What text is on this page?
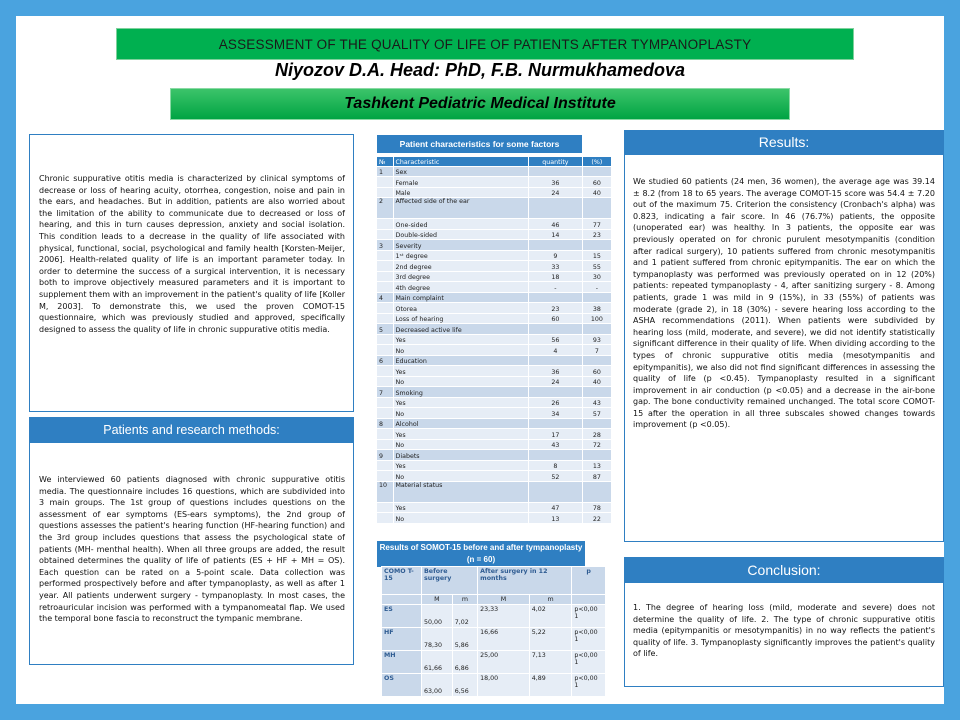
ASSESSMENT OF THE QUALITY OF LIFE OF PATIENTS AFTER TYMPANOPLASTY
Niyozov D.A. Head: PhD, F.B. Nurmukhamedova
Tashkent Pediatric Medical Institute
Chronic suppurative otitis media is characterized by clinical symptoms of decrease or loss of hearing acuity, otorrhea, congestion, noise and pain in the ears, and headaches. But in addition, patients are also worried about the limitation of the ability to communicate due to decreased or loss of hearing, and this in turn causes depression, anxiety and social isolation. This condition leads to a decrease in the quality of life associated with physical, functional, social, psychological and family health [Korsten-Meijer, 2006]. Health-related quality of life is an important parameter today. In order to determine the success of a surgical intervention, it is necessary both to improve objectively measured parameters and it is important to supplement them with an improvement in the patient's quality of life [Koller M, 2003]. To demonstrate this, we used the proven COMOT-15 questionnaire, which was previously studied and approved, specifically designed to assess the quality of life in chronic suppurative otitis media.
Patients and research methods:
We interviewed 60 patients diagnosed with chronic suppurative otitis media. The questionnaire includes 16 questions, which are subdivided into 3 main groups. The 1st group of questions includes questions on the assessment of ear symptoms (ES-ears symptoms), the 2nd group of questions assesses the patient's hearing function (HF-hearing function) and the 3rd group includes questions that assess the psychological state of patients (MH- menthal health). When all three groups are added, the result obtained determines the quality of life of patients (ES + HF + MH = OS). Each question can be rated on a 5-point scale. Data collection was performed prospectively before and after tympanoplasty, as well as after 1 year. All patients underwent surgery - tympanoplasty. In most cases, the retroauricular incision was performed with a tympanomeatal flap. We used the temporal bone fascia to reconstruct the tympanic membrane.
Patient characteristics for some factors
№	Characteristic	quantity	(%)
1	Sex		
	Female	36	60
	Male	24	40
2	Affected side of the ear		
	One-sided	46	77
	Double-sided	14	23
3	Severity		
	1ˢᵗ degree	9	15
	2nd degree	33	55
	3rd degree	18	30
	4th degree	-	-
4	Main complaint		
	Otorea	23	38
	Loss of hearing	60	100
5	Decreased active life		
	Yes	56	93
	No	4	7
6	Education		
	Yes	36	60
	No	24	40
7	Smoking		
	Yes	26	43
	No	34	57
8	Alcohol		
	Yes	17	28
	No	43	72
9	Diabets		
	Yes	8	13
	No	52	87
10	Material status		
	Yes	47	78
	No	13	22
Results of SOMOT-15 before and after tympanoplasty (n = 60)
COMO T-15	Before surgery		After surgery in 12 months		p
	M	m	M	m	
ES	50,00	7,02	23,33	4,02	p<0,00 1
HF	78,30	5,86	16,66	5,22	p<0,00 1
MH	61,66	6,86	25,00	7,13	p<0,00 1
OS	63,00	6,56	18,00	4,89	p<0,00 1
Results:
We studied 60 patients (24 men, 36 women), the average age was 39.14 ± 8.2 (from 18 to 65 years. The average COMOT-15 score was 54.4 ± 7.20 out of the maximum 75. Criterion the consistency (Cronbach's alpha) was 0.823, indicating a fair score. In 46 (76.7%) patients, the opposite (unoperated ear) was healthy. In 3 patients, the opposite ear was previously operated on for chronic purulent mesotympanitis (condition after radical surgery), 10 patients suffered from chronic mesotympanitis and 1 patient suffered from chronic epitympanitis. The ear on which the tympanoplasty was performed was previously operated on in 12 (20%) patients: repeated tympanoplasty - 4, after sanitizing surgery - 8. Among patients, grade 1 was mild in 9 (15%), in 33 (55%) of patients was moderate (grade 2), in 18 (30%) - severe hearing loss according to the ASHA recommendations (2011). When patients were subdivided by hearing loss (mild, moderate, and severe), we did not identify statistically significant difference in their quality of life. When dividing according to the types of chronic suppurative otitis media (mesotympanitis and epitympanitis), we also did not find significant differences in assessing the quality of life (p <0.45). Tympanoplasty resulted in a significant improvement in air conduction (p <0.05) and a decrease in the air-bone gap. The bone conductivity remained unchanged. The total score COMOT-15 after the operation in all three subscales showed changes towards improvement (p <0.05).
Conclusion:
1. The degree of hearing loss (mild, moderate and severe) does not determine the quality of life. 2. The type of chronic suppurative otitis media (epitympanitis or mesotympanitis) in no way reflects the patient's quality of life. 3. Tympanoplasty significantly improves the patient's quality of life.
